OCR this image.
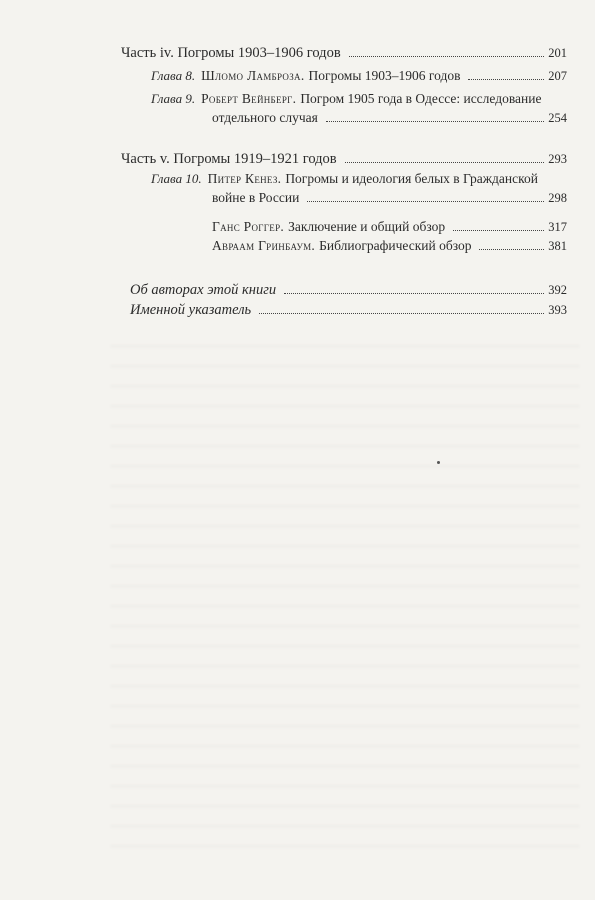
Часть iv. Погромы 1903–1906 годов	201
Глава 8. Шломо Ламброза. Погромы 1903–1906 годов	207
Глава 9. Роберт Вейнберг. Погром 1905 года в Одессе: исследование
отдельного случая	254
Часть v. Погромы 1919–1921 годов	293
Глава 10. Питер Кенез. Погромы и идеология белых в Гражданской
войне в России	298
Ганс Роггер. Заключение и общий обзор	317
Авраам Гринбаум. Библиографический обзор	381
Об авторах этой книги	392
Именной указатель	393
